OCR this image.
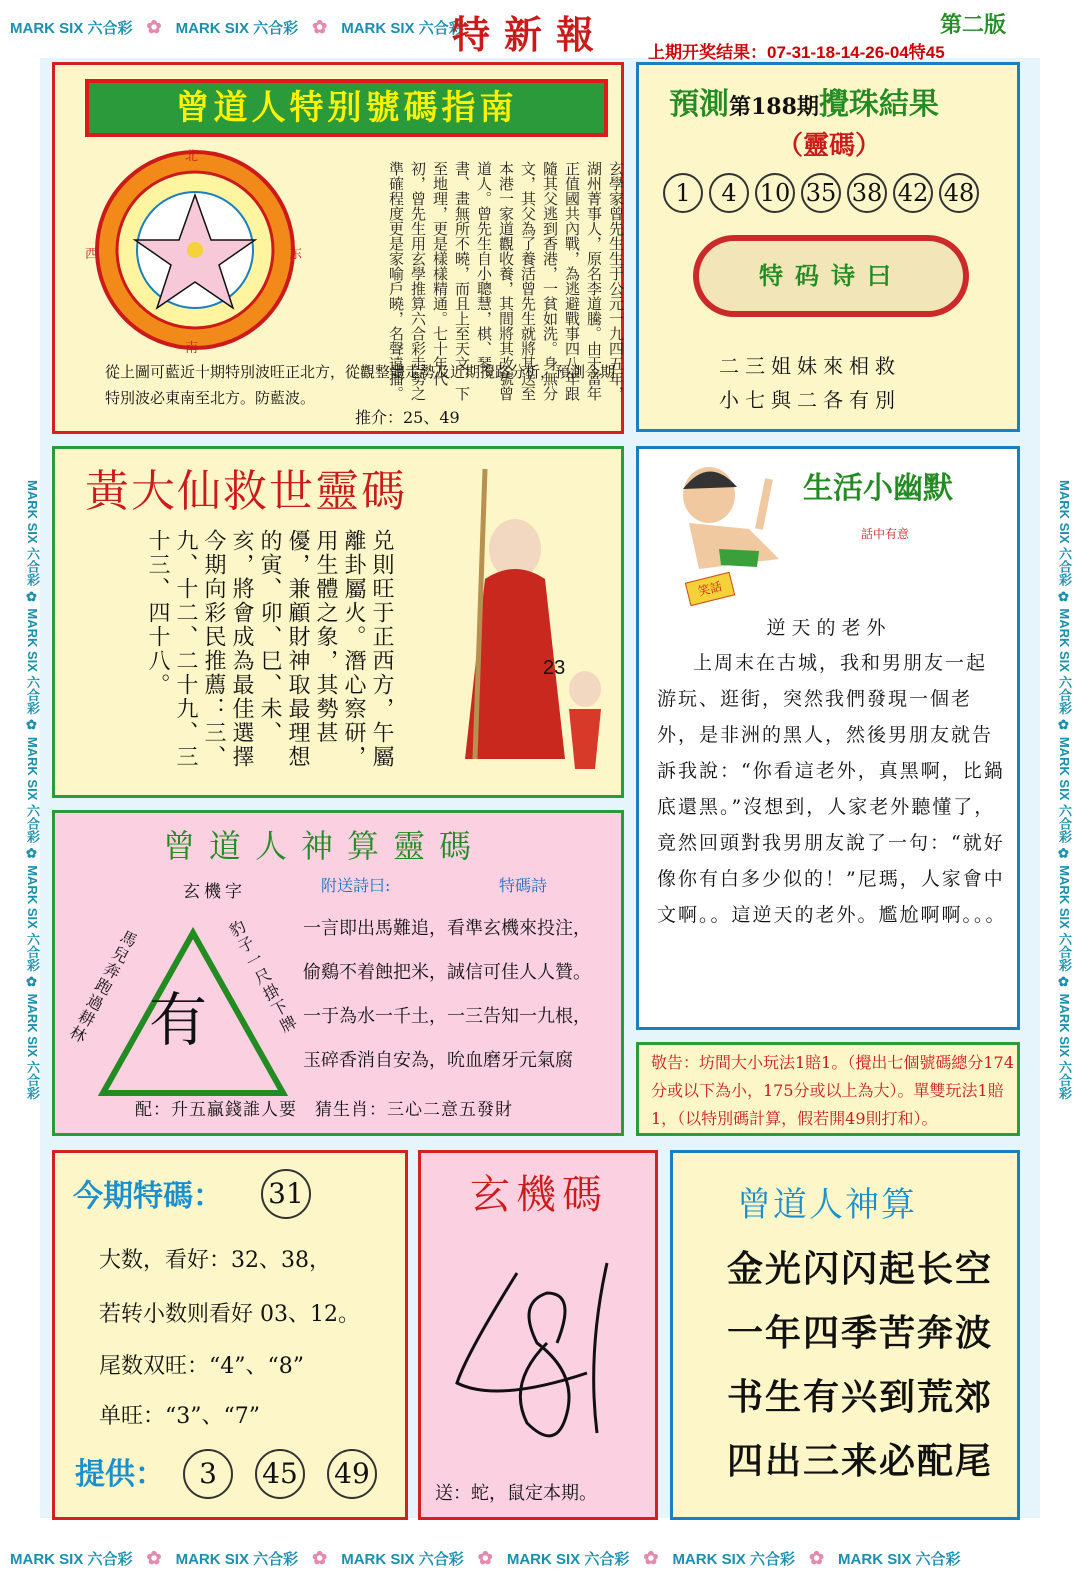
MARK SIX 六合彩 ✿ MARK SIX 六合彩 ✿ MARK SIX 六合彩
特新報	第二版
上期开奖结果：07-31-18-14-26-04特45
MARK SIX 六合彩 ✿ MARK SIX 六合彩 ✿ MARK SIX 六合彩 ✿ MARK SIX 六合彩 ✿ MARK SIX 六合彩
MARK SIX 六合彩 ✿ MARK SIX 六合彩 ✿ MARK SIX 六合彩 ✿ MARK SIX 六合彩 ✿ MARK SIX 六合彩
曾道人特别號碼指南
北
南
东
西	玄學家曾先生生于公元一九四五年，湖州菁事人，原名李道騰。由于當年正值國共內戰，為逃避戰事四八年跟隨其父逃到香港，一貧如洗。身無分文，其父為了養活曾先生就將其送至本港一家道觀收養，其間將其改號曾道人。曾先生自小聰慧，棋、琴、書、畫無所不曉，而且上至天文，下至地理，更是樣樣精通。七十年代初，曾先生用玄學推算六合彩走勢之準確程度更是家喻戶曉，名聲遠播。
從上圖可藍近十期特別波旺正北方，從觀整體走勢及近期攪路分析，預測今期特別波必東南至北方。防藍波。
推介：25、49
預測第188期攪珠結果
（靈碼）
1	4 10 35 38 42 48
特码诗曰
二三姐妹來相救
小七與二各有別
黃大仙救世靈碼
兑則旺于正西方，午屬離卦屬火。潛心察研，用生體之象，其勢甚優，兼顧財神取最理想的寅、卯、巳、未、亥，將會成為最佳選擇今期向彩民推薦：三、九、十二、二十九、三十三、四十八。	23
笑話
生活小幽默
話中有意
逆天的老外
上周末在古城，我和男朋友一起游玩、逛街，突然我們發現一個老外，是非洲的黑人，然後男朋友就告訴我說：“你看這老外，真黑啊，比鍋底還黑。”沒想到，人家老外聽懂了，竟然回頭對我男朋友說了一句：“就好像你有白多少似的！”尼瑪，人家會中文啊。。這逆天的老外。尷尬啊啊。。。
曾道人神算靈碼
玄機字	附送詩曰:	特碼詩
馬兒奔跑過耕林
豹子一尺掛下牌
有
一言即出馬難追，看準玄機來投注，
偷鷄不着蝕把米，誠信可佳人人贊。
一于為水一千土，一三告知一九根，
玉碎香消自安為，吮血磨牙元氣腐
配：升五贏錢誰人要　猜生肖：三心二意五發財
敬告：坊間大小玩法1賠1。（攪出七個號碼總分174分或以下為小，175分或以上為大）。單雙玩法1賠1，（以特別碼計算，假若開49則打和）。
今期特碼： 31
大数，看好：32、38，
若转小数则看好 03、12。
尾数双旺：“4”、“8”
单旺：“3”、“7”
提供：	3	45 49
玄機碼
送：蛇，鼠定本期。
曾道人神算
金光闪闪起长空
一年四季苦奔波
书生有兴到荒郊
四出三来必配尾
MARK SIX 六合彩 ✿ MARK SIX 六合彩 ✿ MARK SIX 六合彩 ✿ MARK SIX 六合彩 ✿ MARK SIX 六合彩 ✿ MARK SIX 六合彩
